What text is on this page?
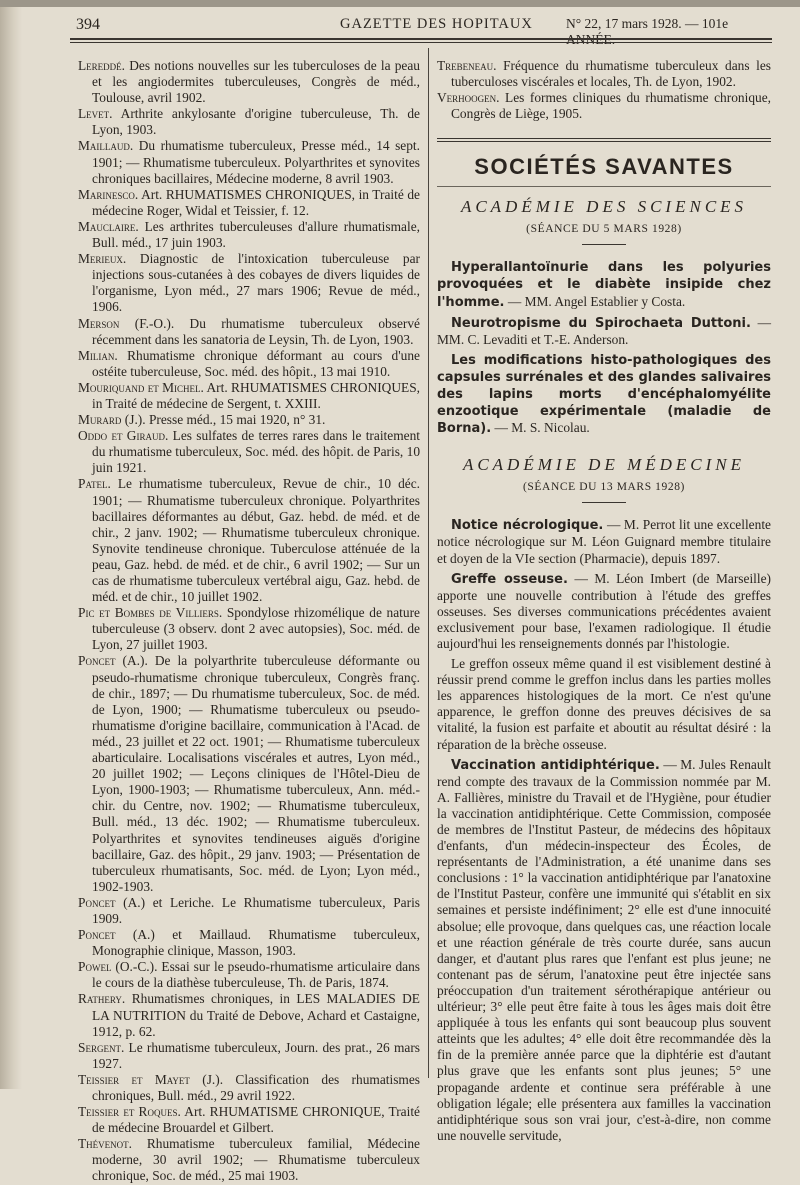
394	GAZETTE DES HOPITAUX N° 22, 17 mars 1928. — 101e ANNÉE.

Lereddé. Des notions nouvelles sur les tuberculoses de la peau et les angiodermites tuberculeuses, Congrès de méd., Toulouse, avril 1902.

Levet. Arthrite ankylosante d'origine tuberculeuse, Th. de Lyon, 1903.

Maillaud. Du rhumatisme tuberculeux, Presse méd., 14 sept. 1901; — Rhumatisme tuberculeux. Polyarthrites et synovites chroniques bacillaires, Médecine moderne, 8 avril 1903.

Marinesco. Art. RHUMATISMES CHRONIQUES, in Traité de médecine Roger, Widal et Teissier, f. 12.

Mauclaire. Les arthrites tuberculeuses d'allure rhumatismale, Bull. méd., 17 juin 1903.

Merieux. Diagnostic de l'intoxication tuberculeuse par injections sous-cutanées à des cobayes de divers liquides de l'organisme, Lyon méd., 27 mars 1906; Revue de méd., 1906.

Merson (F.-O.). Du rhumatisme tuberculeux observé récemment dans les sanatoria de Leysin, Th. de Lyon, 1903.

Milian. Rhumatisme chronique déformant au cours d'une ostéite tuberculeuse, Soc. méd. des hôpit., 13 mai 1910.

Mouriquand et Michel. Art. RHUMATISMES CHRONIQUES, in Traité de médecine de Sergent, t. XXIII.

Murard (J.). Presse méd., 15 mai 1920, n° 31.

Oddo et Giraud. Les sulfates de terres rares dans le traitement du rhumatisme tuberculeux, Soc. méd. des hôpit. de Paris, 10 juin 1921.

Patel. Le rhumatisme tuberculeux, Revue de chir., 10 déc. 1901; — Rhumatisme tuberculeux chronique. Polyarthrites bacillaires déformantes au début, Gaz. hebd. de méd. et de chir., 2 janv. 1902; — Rhumatisme tuberculeux chronique. Synovite tendineuse chronique. Tuberculose atténuée de la peau, Gaz. hebd. de méd. et de chir., 6 avril 1902; — Sur un cas de rhumatisme tuberculeux vertébral aigu, Gaz. hebd. de méd. et de chir., 10 juillet 1902.

Pic et Bombes de Villiers. Spondylose rhizomélique de nature tuberculeuse (3 observ. dont 2 avec autopsies), Soc. méd. de Lyon, 27 juillet 1903.

Poncet (A.). De la polyarthrite tuberculeuse déformante ou pseudo-rhumatisme chronique tuberculeux, Congrès franç. de chir., 1897; — Du rhumatisme tuberculeux, Soc. de méd. de Lyon, 1900; — Rhumatisme tuberculeux ou pseudo-rhumatisme d'origine bacillaire, communication à l'Acad. de méd., 23 juillet et 22 oct. 1901; — Rhumatisme tuberculeux abarticulaire. Localisations viscérales et autres, Lyon méd., 20 juillet 1902; — Leçons cliniques de l'Hôtel-Dieu de Lyon, 1900-1903; — Rhumatisme tuberculeux, Ann. méd.-chir. du Centre, nov. 1902; — Rhumatisme tuberculeux, Bull. méd., 13 déc. 1902; — Rhumatisme tuberculeux. Polyarthrites et synovites tendineuses aiguës d'origine bacillaire, Gaz. des hôpit., 29 janv. 1903; — Présentation de tuberculeux rhumatisants, Soc. méd. de Lyon; Lyon méd., 1902-1903.

Poncet (A.) et Leriche. Le Rhumatisme tuberculeux, Paris 1909.

Poncet (A.) et Maillaud. Rhumatisme tuberculeux, Monographie clinique, Masson, 1903.

Powel (O.-C.). Essai sur le pseudo-rhumatisme articulaire dans le cours de la diathèse tuberculeuse, Th. de Paris, 1874.

Rathery. Rhumatismes chroniques, in LES MALADIES DE LA NUTRITION du Traité de Debove, Achard et Castaigne, 1912, p. 62.

Sergent. Le rhumatisme tuberculeux, Journ. des prat., 26 mars 1927.

Teissier et Mayet (J.). Classification des rhumatismes chroniques, Bull. méd., 29 avril 1922.

Teissier et Roques. Art. RHUMATISME CHRONIQUE, Traité de médecine Brouardel et Gilbert.

Thévenot. Rhumatisme tuberculeux familial, Médecine moderne, 30 avril 1902; — Rhumatisme tuberculeux chronique, Soc. de méd., 25 mai 1903.

Trebeneau. Fréquence du rhumatisme tuberculeux dans les tuberculoses viscérales et locales, Th. de Lyon, 1902.

Verhoogen. Les formes cliniques du rhumatisme chronique, Congrès de Liège, 1905.

SOCIÉTÉS SAVANTES
ACADÉMIE DES SCIENCES

(SÉANCE DU 5 MARS 1928)

Hyperallantoïnurie dans les polyuries provoquées et le diabète insipide chez l'homme. — MM. Angel Establier y Costa.

Neurotropisme du Spirochaeta Duttoni. — MM. C. Levaditi et T.-E. Anderson.

Les modifications histo-pathologiques des capsules surrénales et des glandes salivaires des lapins morts d'encéphalomyélite enzootique expérimentale (maladie de Borna). — M. S. Nicolau.

ACADÉMIE DE MÉDECINE

(SÉANCE DU 13 MARS 1928)

Notice nécrologique. — M. Perrot lit une excellente notice nécrologique sur M. Léon Guignard membre titulaire et doyen de la VIe section (Pharmacie), depuis 1897.

Greffe osseuse. — M. Léon Imbert (de Marseille) apporte une nouvelle contribution à l'étude des greffes osseuses. Ses diverses communications précédentes avaient exclusivement pour base, l'examen radiologique. Il étudie aujourd'hui les renseignements donnés par l'histologie.

Le greffon osseux même quand il est visiblement destiné à réussir prend comme le greffon inclus dans les parties molles les apparences histologiques de la mort. Ce n'est qu'une apparence, le greffon donne des preuves décisives de sa vitalité, la fusion est parfaite et aboutit au résultat désiré : la réparation de la brèche osseuse.

Vaccination antidiphtérique. — M. Jules Renault rend compte des travaux de la Commission nommée par M. A. Fallières, ministre du Travail et de l'Hygiène, pour étudier la vaccination antidiphtérique. Cette Commission, composée de membres de l'Institut Pasteur, de médecins des hôpitaux d'enfants, d'un médecin-inspecteur des Écoles, de représentants de l'Administration, a été unanime dans ses conclusions : 1° la vaccination antidiphtérique par l'anatoxine de l'Institut Pasteur, confère une immunité qui s'établit en six semaines et persiste indéfiniment; 2° elle est d'une innocuité absolue; elle provoque, dans quelques cas, une réaction locale et une réaction générale de très courte durée, sans aucun danger, et d'autant plus rares que l'enfant est plus jeune; ne contenant pas de sérum, l'anatoxine peut être injectée sans préoccupation d'un traitement sérothérapique antérieur ou ultérieur; 3° elle peut être faite à tous les âges mais doit être appliquée à tous les enfants qui sont beaucoup plus souvent atteints que les adultes; 4° elle doit être recommandée dès la fin de la première année parce que la diphtérie est d'autant plus grave que les enfants sont plus jeunes; 5° une propagande ardente et continue sera préférable à une obligation légale; elle présentera aux familles la vaccination antidiphtérique sous son vrai jour, c'est-à-dire, non comme une nouvelle servitude,
